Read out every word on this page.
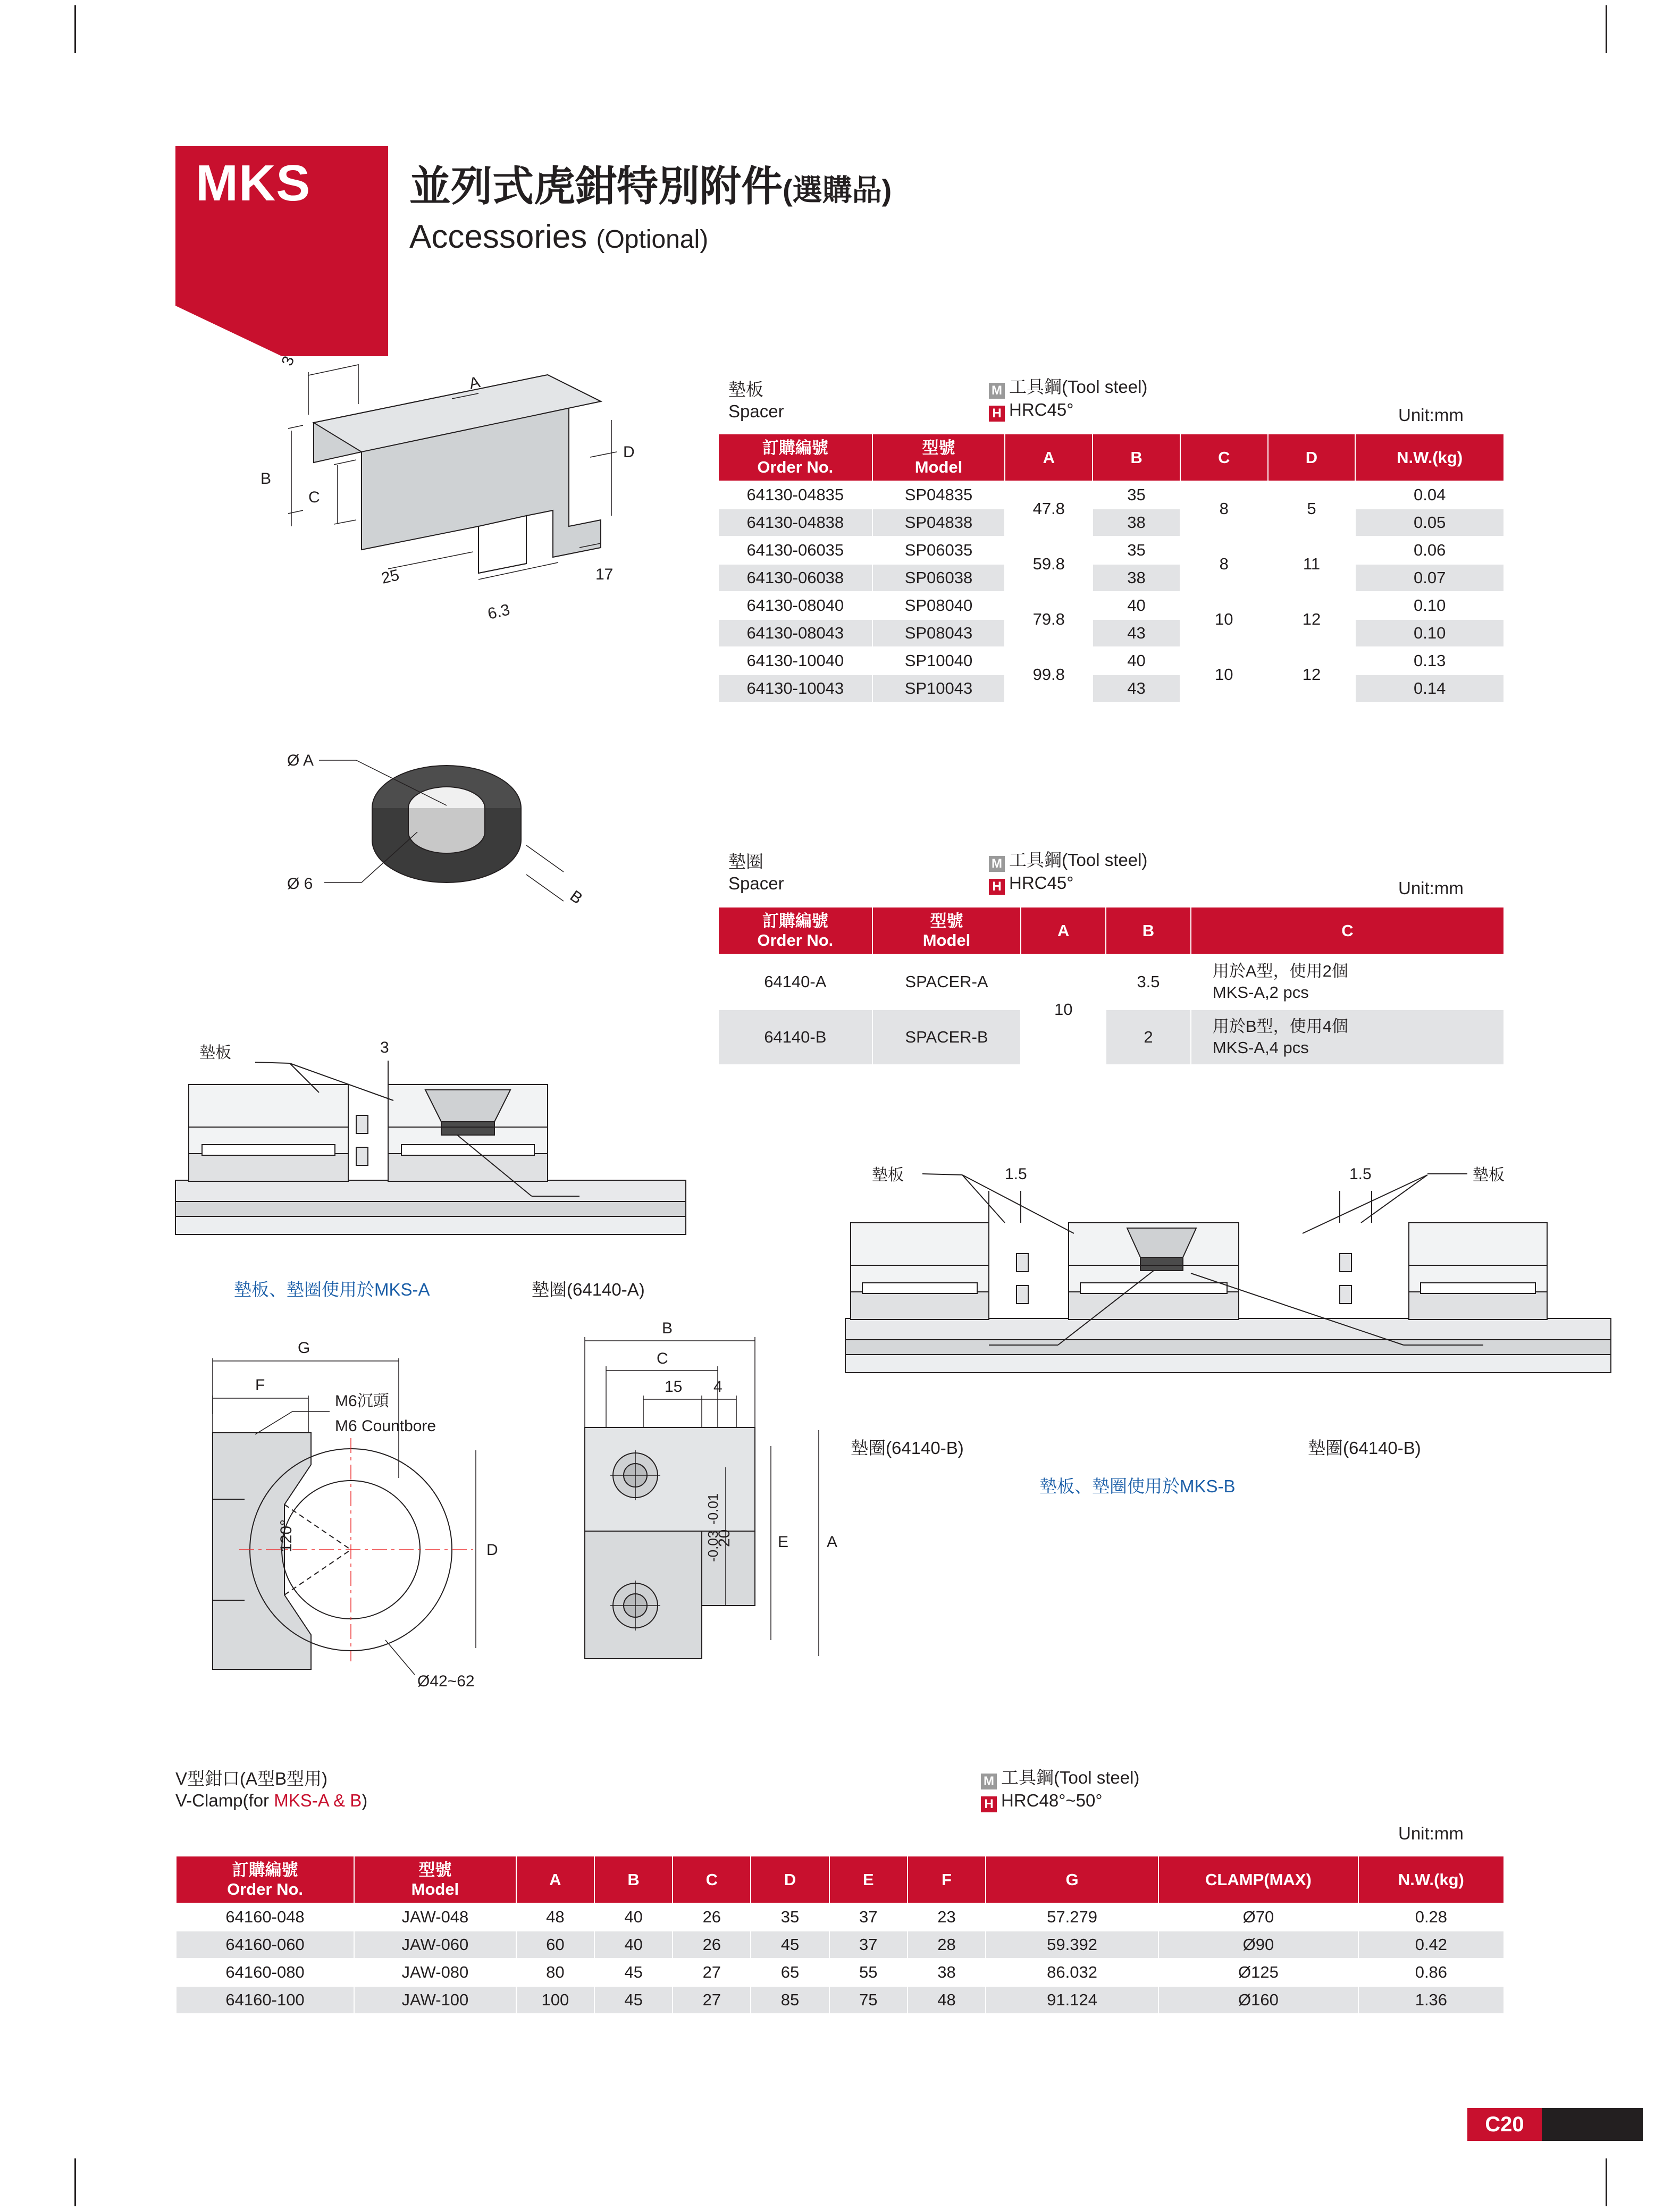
MKS 並列式虎鉗特別附件(選購品)
Accessories (Optional)
3
B
C
A
D
25
6.3
17
Ø A
Ø 6
B
墊板	3
墊圈(64140-A)
墊板、墊圈使用於MKS-A
1.5	1.5
墊板	墊板
墊圈(64140-B)	墊圈(64140-B)
墊板、墊圈使用於MKS-B
G
F
D
120°
M6沉頭
M6 Countbore
Ø42~62
B
C
15 4
E A
20
-0.01
-0.03
墊板
Spacer
M 工具鋼(Tool steel)
H HRC45°	Unit:mm
訂購編號
Order No.

型號
Model
	A	B	C	D	N.W.(kg)
64130-04835	SP04835	47.8	35	8	5	0.04
64130-04838	SP04838		38			0.05
64130-06035	SP06035	59.8	35	8	11	0.06
64130-06038	SP06038		38			0.07
64130-08040	SP08040	79.8	40	10	12	0.10
64130-08043	SP08043		43			0.10
64130-10040	SP10040	99.8	40	10	12	0.13
64130-10043	SP10043		43			0.14
墊圈
Spacer
M 工具鋼(Tool steel)
H HRC45°	Unit:mm
訂購編號
Order No.

型號
Model
	A	B	C
64140-A	SPACER-A	10	3.5	用於A型，使用2個
MKS-A,2 pcs

64140-B	SPACER-B		2	用於B型，使用4個
MKS-A,4 pcs
V型鉗口(A型B型用)
V-Clamp(for MKS-A & B)
M 工具鋼(Tool steel)
H HRC48°~50°
Unit:mm
訂購編號
Order No.

型號
Model
	A	B	C	D	E	F	G	CLAMP(MAX)	N.W.(kg)
64160-048	JAW-048	48	40	26	35	37	23	57.279	Ø70	0.28
64160-060	JAW-060	60	40	26	45	37	28	59.392	Ø90	0.42
64160-080	JAW-080	80	45	27	65	55	38	86.032	Ø125	0.86
64160-100	JAW-100	100	45	27	85	75	48	91.124	Ø160	1.36
C20
